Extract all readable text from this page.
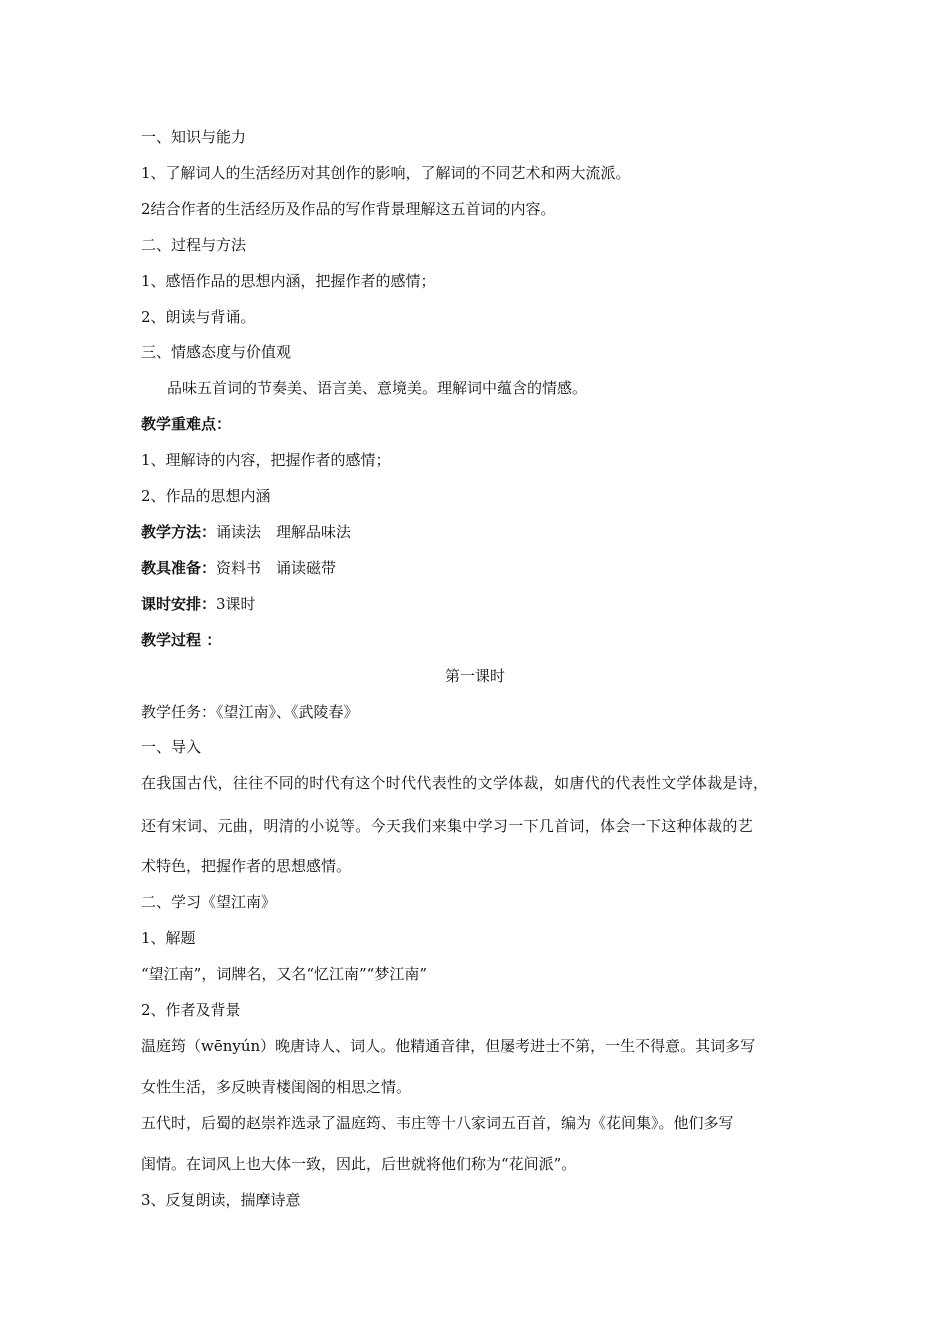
一、知识与能力
1、了解词人的生活经历对其创作的影响，了解词的不同艺术和两大流派。
2结合作者的生活经历及作品的写作背景理解这五首词的内容。
二、过程与方法
1、感悟作品的思想内涵，把握作者的感情；
2、朗读与背诵。
三、情感态度与价值观
品味五首词的节奏美、语言美、意境美。理解词中蕴含的情感。
教学重难点：
1、理解诗的内容，把握作者的感情；
2、作品的思想内涵
教学方法：诵读法　理解品味法
教具准备：资料书　诵读磁带
课时安排：3课时
教学过程 ：
第一课时
教学任务：《望江南》、《武陵春》
一、导入
在我国古代，往往不同的时代有这个时代代表性的文学体裁，如唐代的代表性文学体裁是诗，
还有宋词、元曲，明清的小说等。今天我们来集中学习一下几首词，体会一下这种体裁的艺
术特色，把握作者的思想感情。
二、学习《望江南》
1、解题
“望江南”，词牌名，又名“忆江南”“梦江南”
2、作者及背景
温庭筠（wēnyún）晚唐诗人、词人。他精通音律，但屡考进士不第，一生不得意。其词多写
女性生活，多反映青楼闺阁的相思之情。
五代时，后蜀的赵崇祚选录了温庭筠、韦庄等十八家词五百首，编为《花间集》。他们多写
闺情。在词风上也大体一致，因此，后世就将他们称为“花间派”。
3、反复朗读，揣摩诗意
